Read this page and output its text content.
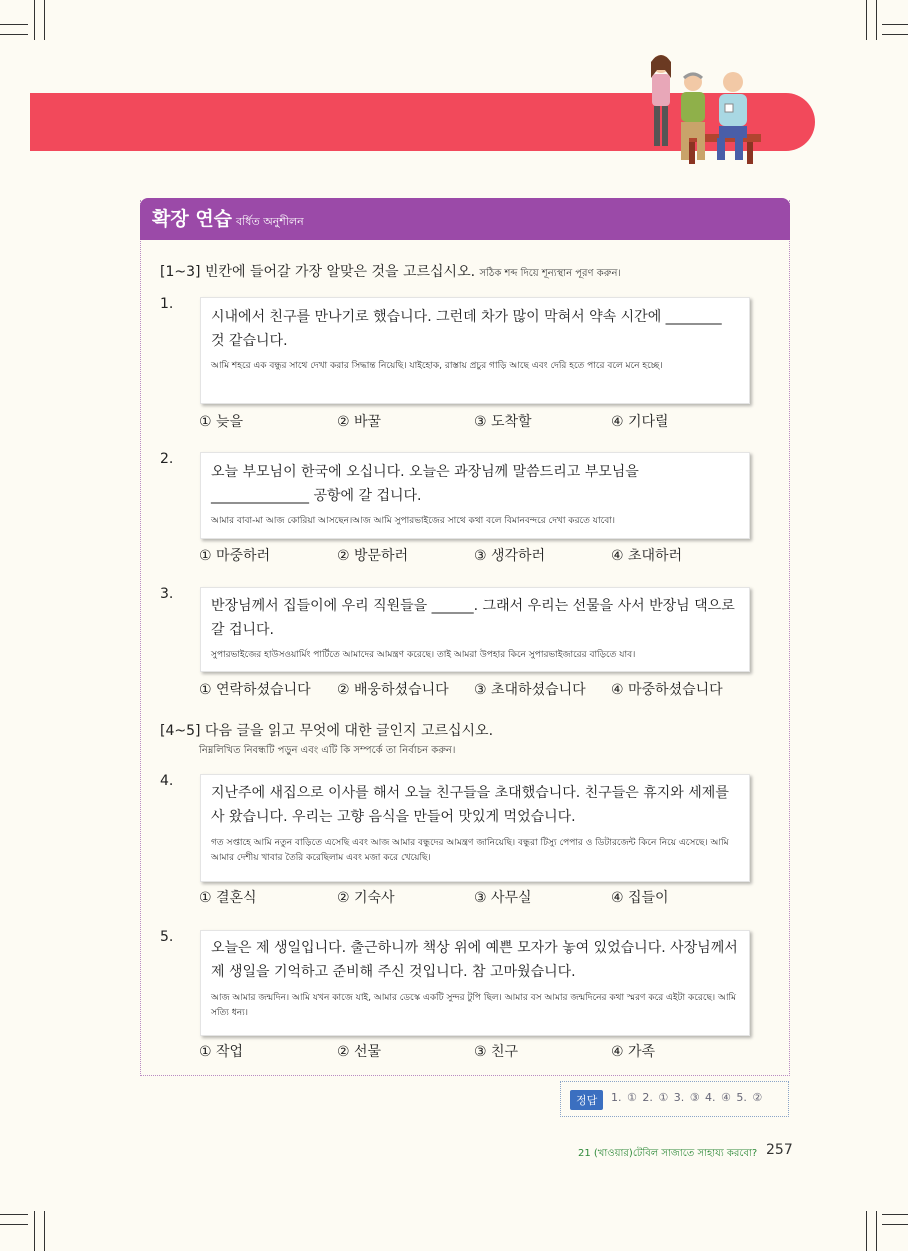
확장 연습 বর্ধিত অনুশীলন
[1~3] 빈칸에 들어갈 가장 알맞은 것을 고르십시오. সঠিক শব্দ দিয়ে শূন্যস্থান পূরণ করুন।
1.
시내에서 친구를 만나기로 했습니다. 그런데 차가 많이 막혀서 약속 시간에 ________ 것 같습니다.
আমি শহরে এক বন্ধুর সাথে দেখা করার সিদ্ধান্ত নিয়েছি। যাইহোক, রাস্তায় প্রচুর গাড়ি আছে এবং দেরি হতে পারে বলে মনে হচ্ছে।
① 늦을	② 바꿀	③ 도착할	④ 기다릴
2.
오늘 부모님이 한국에 오십니다. 오늘은 과장님께 말씀드리고 부모님을 ______________ 공항에 갈 겁니다.
আমার বাবা-মা আজ কোরিয়া আসছেন।আজ আমি সুপারভাইজের সাথে কথা বলে বিমানবন্দরে দেখা করতে যাবো।
① 마중하러	② 방문하러	③ 생각하러	④ 초대하러
3.
반장님께서 집들이에 우리 직원들을 ______. 그래서 우리는 선물을 사서 반장님 댁으로 갈 겁니다.
সুপারভাইজের হাউসওয়ার্মিং পার্টিতে আমাদের আমন্ত্রণ করেছে। তাই আমরা উপহার কিনে সুপারভাইজারের বাড়িতে যাব।
① 연락하셨습니다 ② 배웅하셨습니다 ③ 초대하셨습니다 ④ 마중하셨습니다
[4~5] 다음 글을 읽고 무엇에 대한 글인지 고르십시오.
নিম্নলিখিত নিবন্ধটি পড়ুন এবং এটি কি সম্পর্কে তা নির্বাচন করুন।
4.
지난주에 새집으로 이사를 해서 오늘 친구들을 초대했습니다. 친구들은 휴지와 세제를 사 왔습니다. 우리는 고향 음식을 만들어 맛있게 먹었습니다.
গত সপ্তাহে আমি নতুন বাড়িতে এসেছি এবং আজ আমার বন্ধুদের আমন্ত্রণ জানিয়েছি। বন্ধুরা টিস্যু পেপার ও ডিটারজেন্ট কিনে নিয়ে এসেছে। আমি আমার দেশীয় খাবার তৈরি করেছিলাম এবং মজা করে খেয়েছি।
① 결혼식	② 기숙사	③ 사무실	④ 집들이
5.
오늘은 제 생일입니다. 출근하니까 책상 위에 예쁜 모자가 놓여 있었습니다. 사장님께서 제 생일을 기억하고 준비해 주신 것입니다. 참 고마웠습니다.
আজ আমার জন্মদিন। আমি যখন কাজে যাই, আমার ডেস্কে একটি সুন্দর টুপি ছিল। আমার বস আমার জন্মদিনের কথা স্মরণ করে এইটা করেছে। আমি সত্যি ধন্য।
① 작업	② 선물	③ 친구	④ 가족
정답	1. ① 2. ① 3. ③ 4. ④ 5. ②
21 (খাওয়ার)টেবিল সাজাতে সাহায্য করবো? 257
